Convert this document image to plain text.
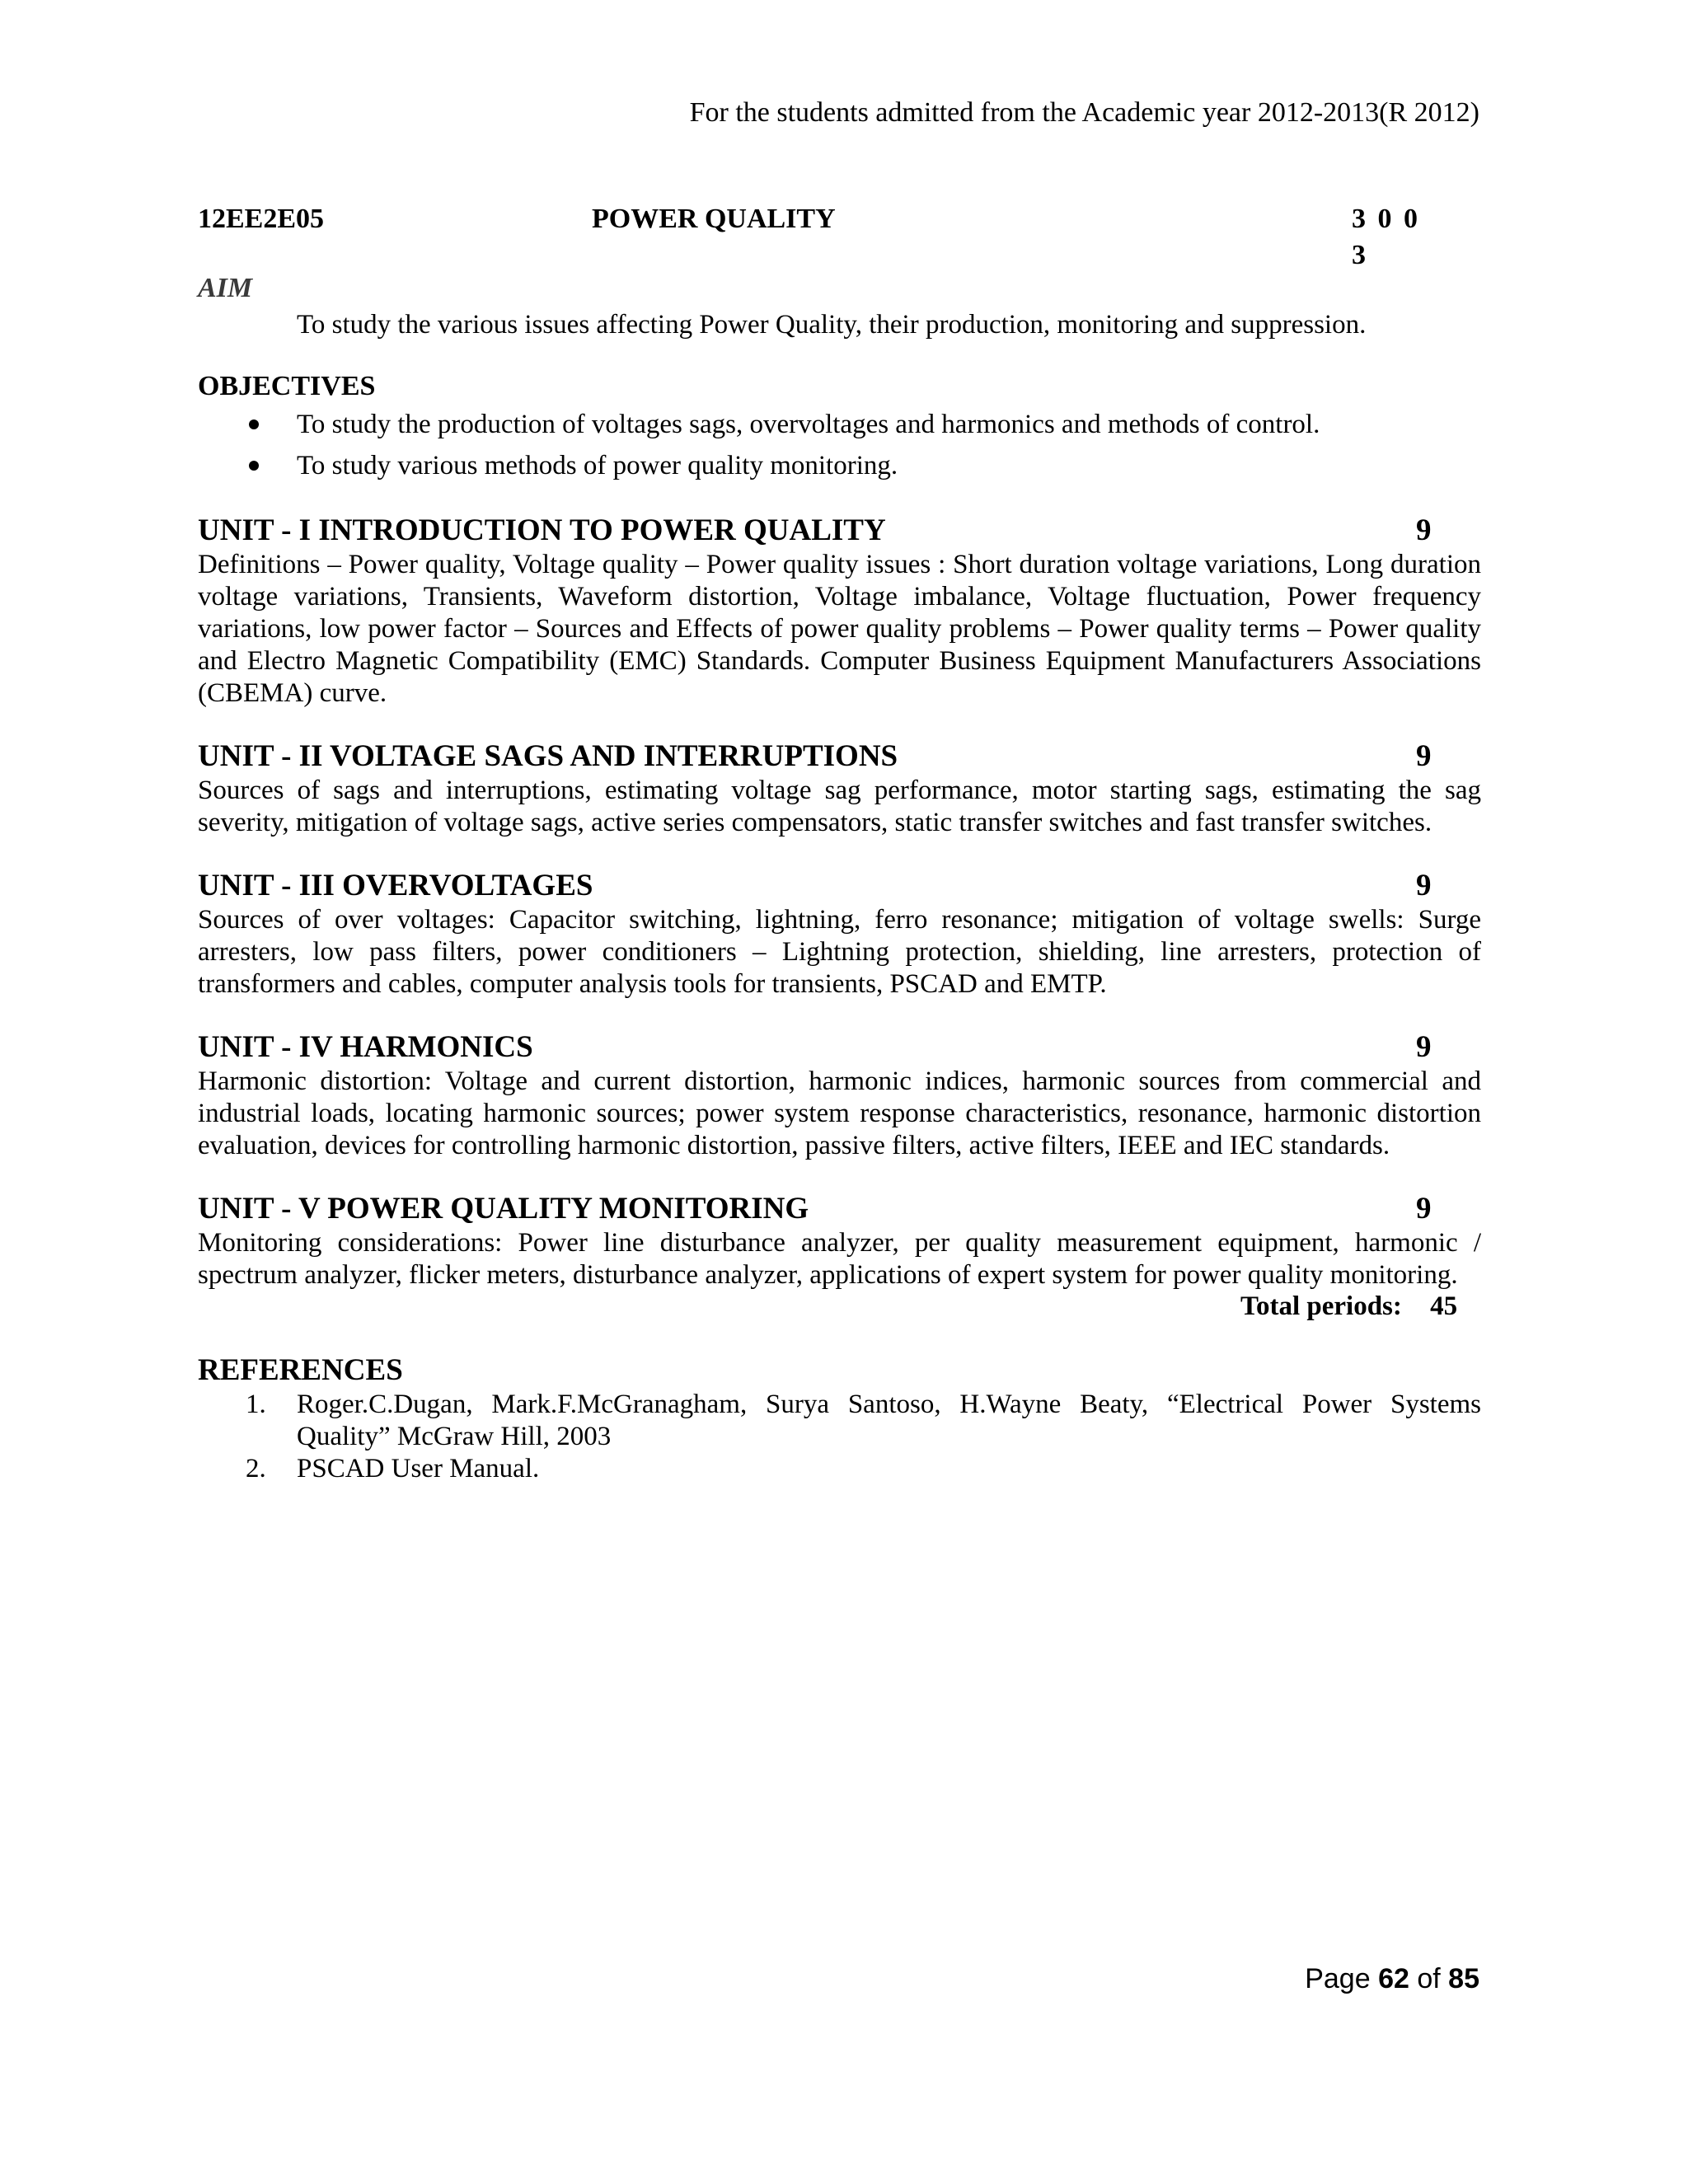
For the students admitted from the Academic year 2012-2013(R 2012)
12EE2E05	POWER QUALITY	3 0 0 3
AIM
To study the various issues affecting Power Quality, their production, monitoring and suppression.
OBJECTIVES
To study the production of voltages sags, overvoltages and harmonics and methods of control.
To study various methods of power quality monitoring.
UNIT - I INTRODUCTION TO POWER QUALITY	9

Definitions – Power quality, Voltage quality – Power quality issues : Short duration voltage variations, Long duration voltage variations, Transients, Waveform distortion, Voltage imbalance, Voltage fluctuation, Power frequency variations, low power factor – Sources and Effects of power quality problems – Power quality terms – Power quality and Electro Magnetic Compatibility (EMC) Standards. Computer Business Equipment Manufacturers Associations (CBEMA) curve.

UNIT - II VOLTAGE SAGS AND INTERRUPTIONS	9

Sources of sags and interruptions, estimating voltage sag performance, motor starting sags, estimating the sag severity, mitigation of voltage sags, active series compensators, static transfer switches and fast transfer switches.

UNIT - III OVERVOLTAGES	9

Sources of over voltages: Capacitor switching, lightning, ferro resonance; mitigation of voltage swells: Surge arresters, low pass filters, power conditioners – Lightning protection, shielding, line arresters, protection of transformers and cables, computer analysis tools for transients, PSCAD and EMTP.

UNIT - IV HARMONICS	9

Harmonic distortion: Voltage and current distortion, harmonic indices, harmonic sources from commercial and industrial loads, locating harmonic sources; power system response characteristics, resonance, harmonic distortion evaluation, devices for controlling harmonic distortion, passive filters, active filters, IEEE and IEC standards.

UNIT - V POWER QUALITY MONITORING	9

Monitoring considerations: Power line disturbance analyzer, per quality measurement equipment, harmonic / spectrum analyzer, flicker meters, disturbance analyzer, applications of expert system for power quality monitoring.

Total periods: 45
REFERENCES
1. Roger.C.Dugan, Mark.F.McGranagham, Surya Santoso, H.Wayne Beaty, “Electrical Power Systems Quality” McGraw Hill, 2003
2. PSCAD User Manual.
Page 62 of 85
